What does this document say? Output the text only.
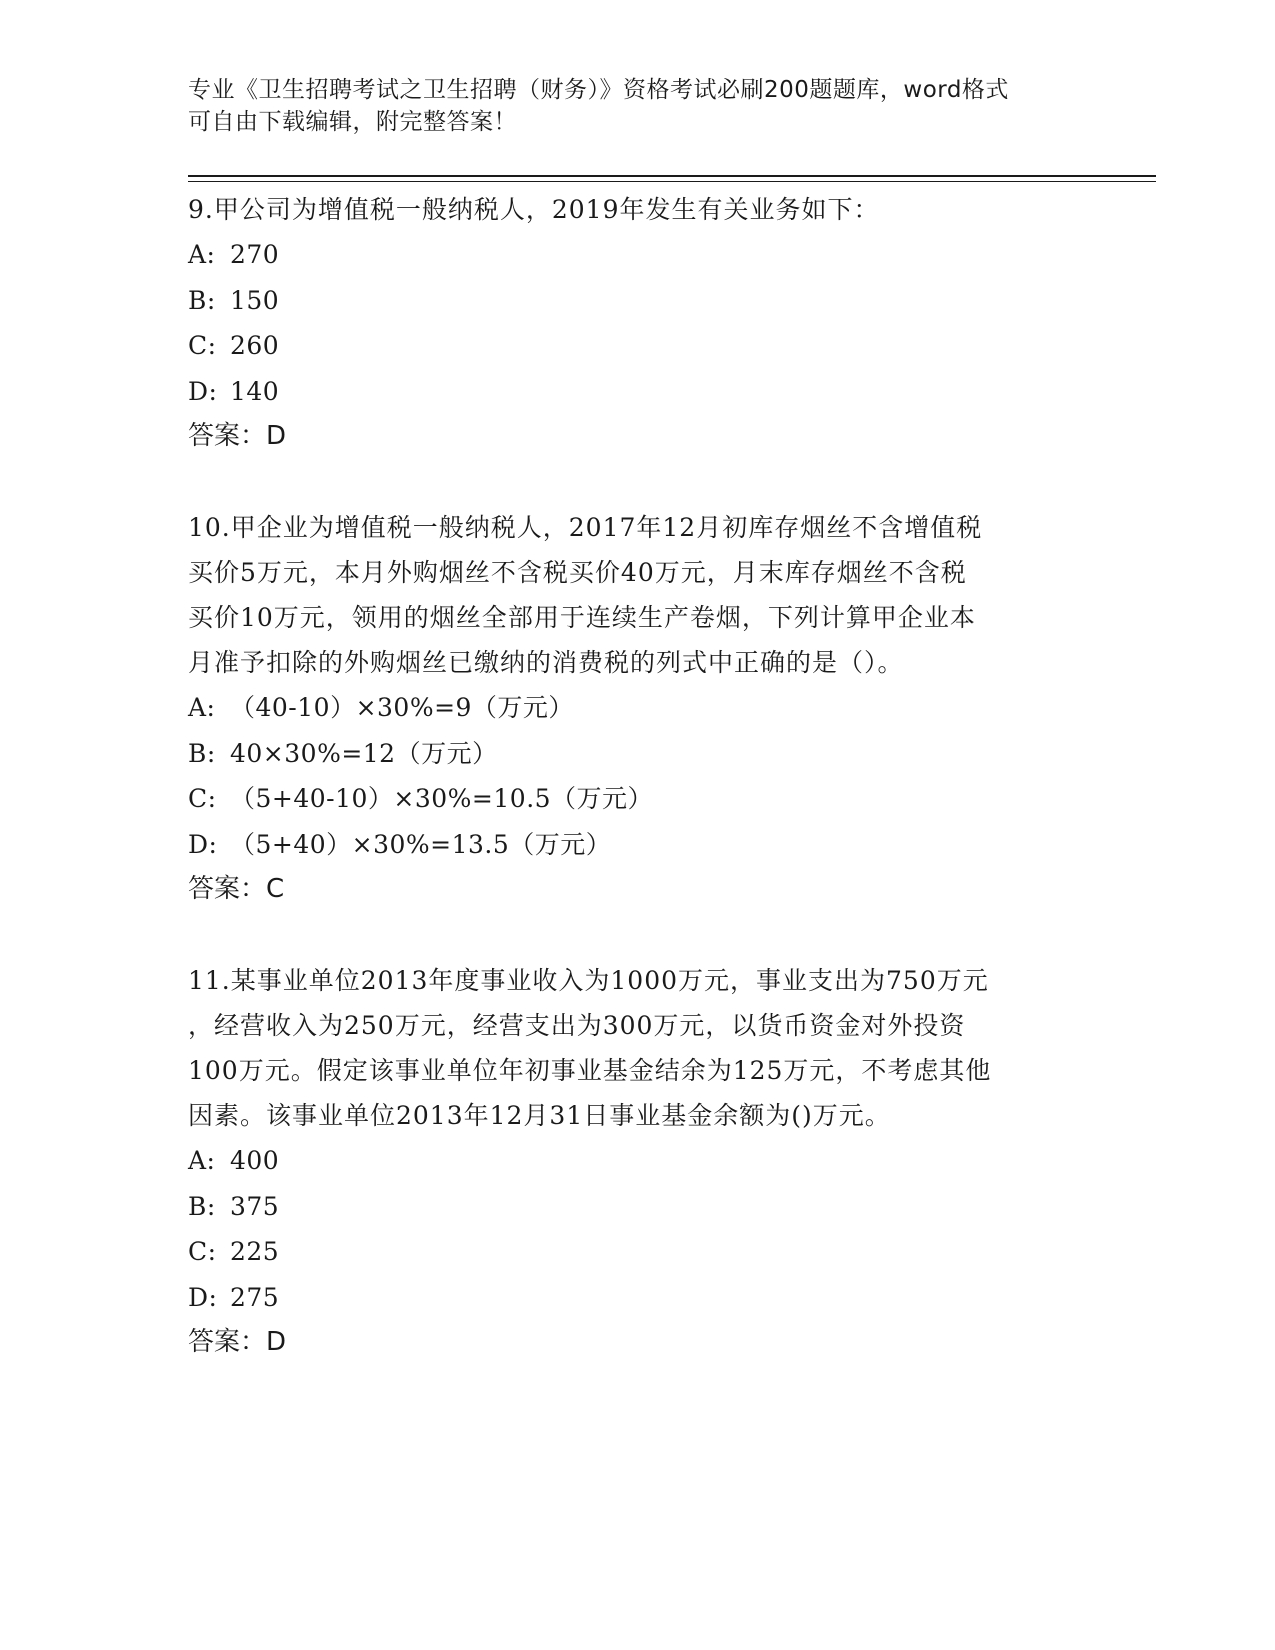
专业《卫生招聘考试之卫生招聘（财务）》资格考试必刷200题题库，word格式
可自由下载编辑，附完整答案！
9.甲公司为增值税一般纳税人，2019年发生有关业务如下：
A: 270
B: 150
C: 260
D: 140
答案：D
10.甲企业为增值税一般纳税人，2017年12月初库存烟丝不含增值税
买价5万元，本月外购烟丝不含税买价40万元，月末库存烟丝不含税
买价10万元，领用的烟丝全部用于连续生产卷烟，下列计算甲企业本
月准予扣除的外购烟丝已缴纳的消费税的列式中正确的是（）。
A: （40-10）×30%=9（万元）
B: 40×30%=12（万元）
C: （5+40-10）×30%=10.5（万元）
D: （5+40）×30%=13.5（万元）
答案：C
11.某事业单位2013年度事业收入为1000万元，事业支出为750万元
，经营收入为250万元，经营支出为300万元，以货币资金对外投资
100万元。假定该事业单位年初事业基金结余为125万元，不考虑其他
因素。该事业单位2013年12月31日事业基金余额为()万元。
A: 400
B: 375
C: 225
D: 275
答案：D
